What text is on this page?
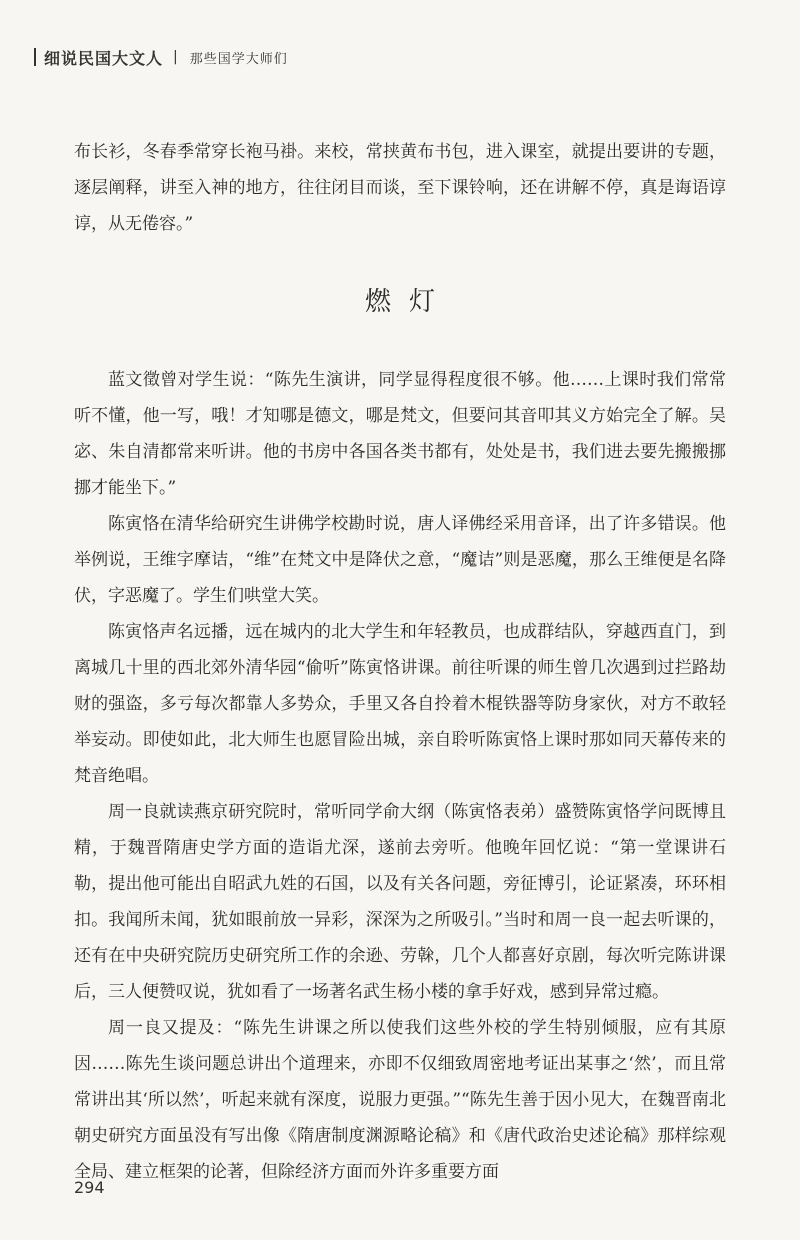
细说民国大文人 | 那些国学大师们

布长衫，冬春季常穿长袍马褂。来校，常挟黄布书包，进入课室，就提出要讲的专题，逐层阐释，讲至入神的地方，往往闭目而谈，至下课铃响，还在讲解不停，真是诲语谆谆，从无倦容。”

燃灯

蓝文徵曾对学生说：“陈先生演讲，同学显得程度很不够。他……上课时我们常常听不懂，他一写，哦！才知哪是德文，哪是梵文，但要问其音叩其义方始完全了解。吴宓、朱自清都常来听讲。他的书房中各国各类书都有，处处是书，我们进去要先搬搬挪挪才能坐下。”

陈寅恪在清华给研究生讲佛学校勘时说，唐人译佛经采用音译，出了许多错误。他举例说，王维字摩诘，“维”在梵文中是降伏之意，“魔诘”则是恶魔，那么王维便是名降伏，字恶魔了。学生们哄堂大笑。

陈寅恪声名远播，远在城内的北大学生和年轻教员，也成群结队，穿越西直门，到离城几十里的西北郊外清华园“偷听”陈寅恪讲课。前往听课的师生曾几次遇到过拦路劫财的强盗，多亏每次都靠人多势众，手里又各自拎着木棍铁器等防身家伙，对方不敢轻举妄动。即使如此，北大师生也愿冒险出城，亲自聆听陈寅恪上课时那如同天幕传来的梵音绝唱。

周一良就读燕京研究院时，常听同学俞大纲（陈寅恪表弟）盛赞陈寅恪学问既博且精，于魏晋隋唐史学方面的造诣尤深，遂前去旁听。他晚年回忆说：“第一堂课讲石勒，提出他可能出自昭武九姓的石国，以及有关各问题，旁征博引，论证紧凑，环环相扣。我闻所未闻，犹如眼前放一异彩，深深为之所吸引。”当时和周一良一起去听课的，还有在中央研究院历史研究所工作的余逊、劳榦，几个人都喜好京剧，每次听完陈讲课后，三人便赞叹说，犹如看了一场著名武生杨小楼的拿手好戏，感到异常过瘾。

周一良又提及：“陈先生讲课之所以使我们这些外校的学生特别倾服，应有其原因……陈先生谈问题总讲出个道理来，亦即不仅细致周密地考证出某事之‘然’，而且常常讲出其‘所以然’，听起来就有深度，说服力更强。”“陈先生善于因小见大，在魏晋南北朝史研究方面虽没有写出像《隋唐制度渊源略论稿》和《唐代政治史述论稿》那样综观全局、建立框架的论著，但除经济方面而外许多重要方面

294
